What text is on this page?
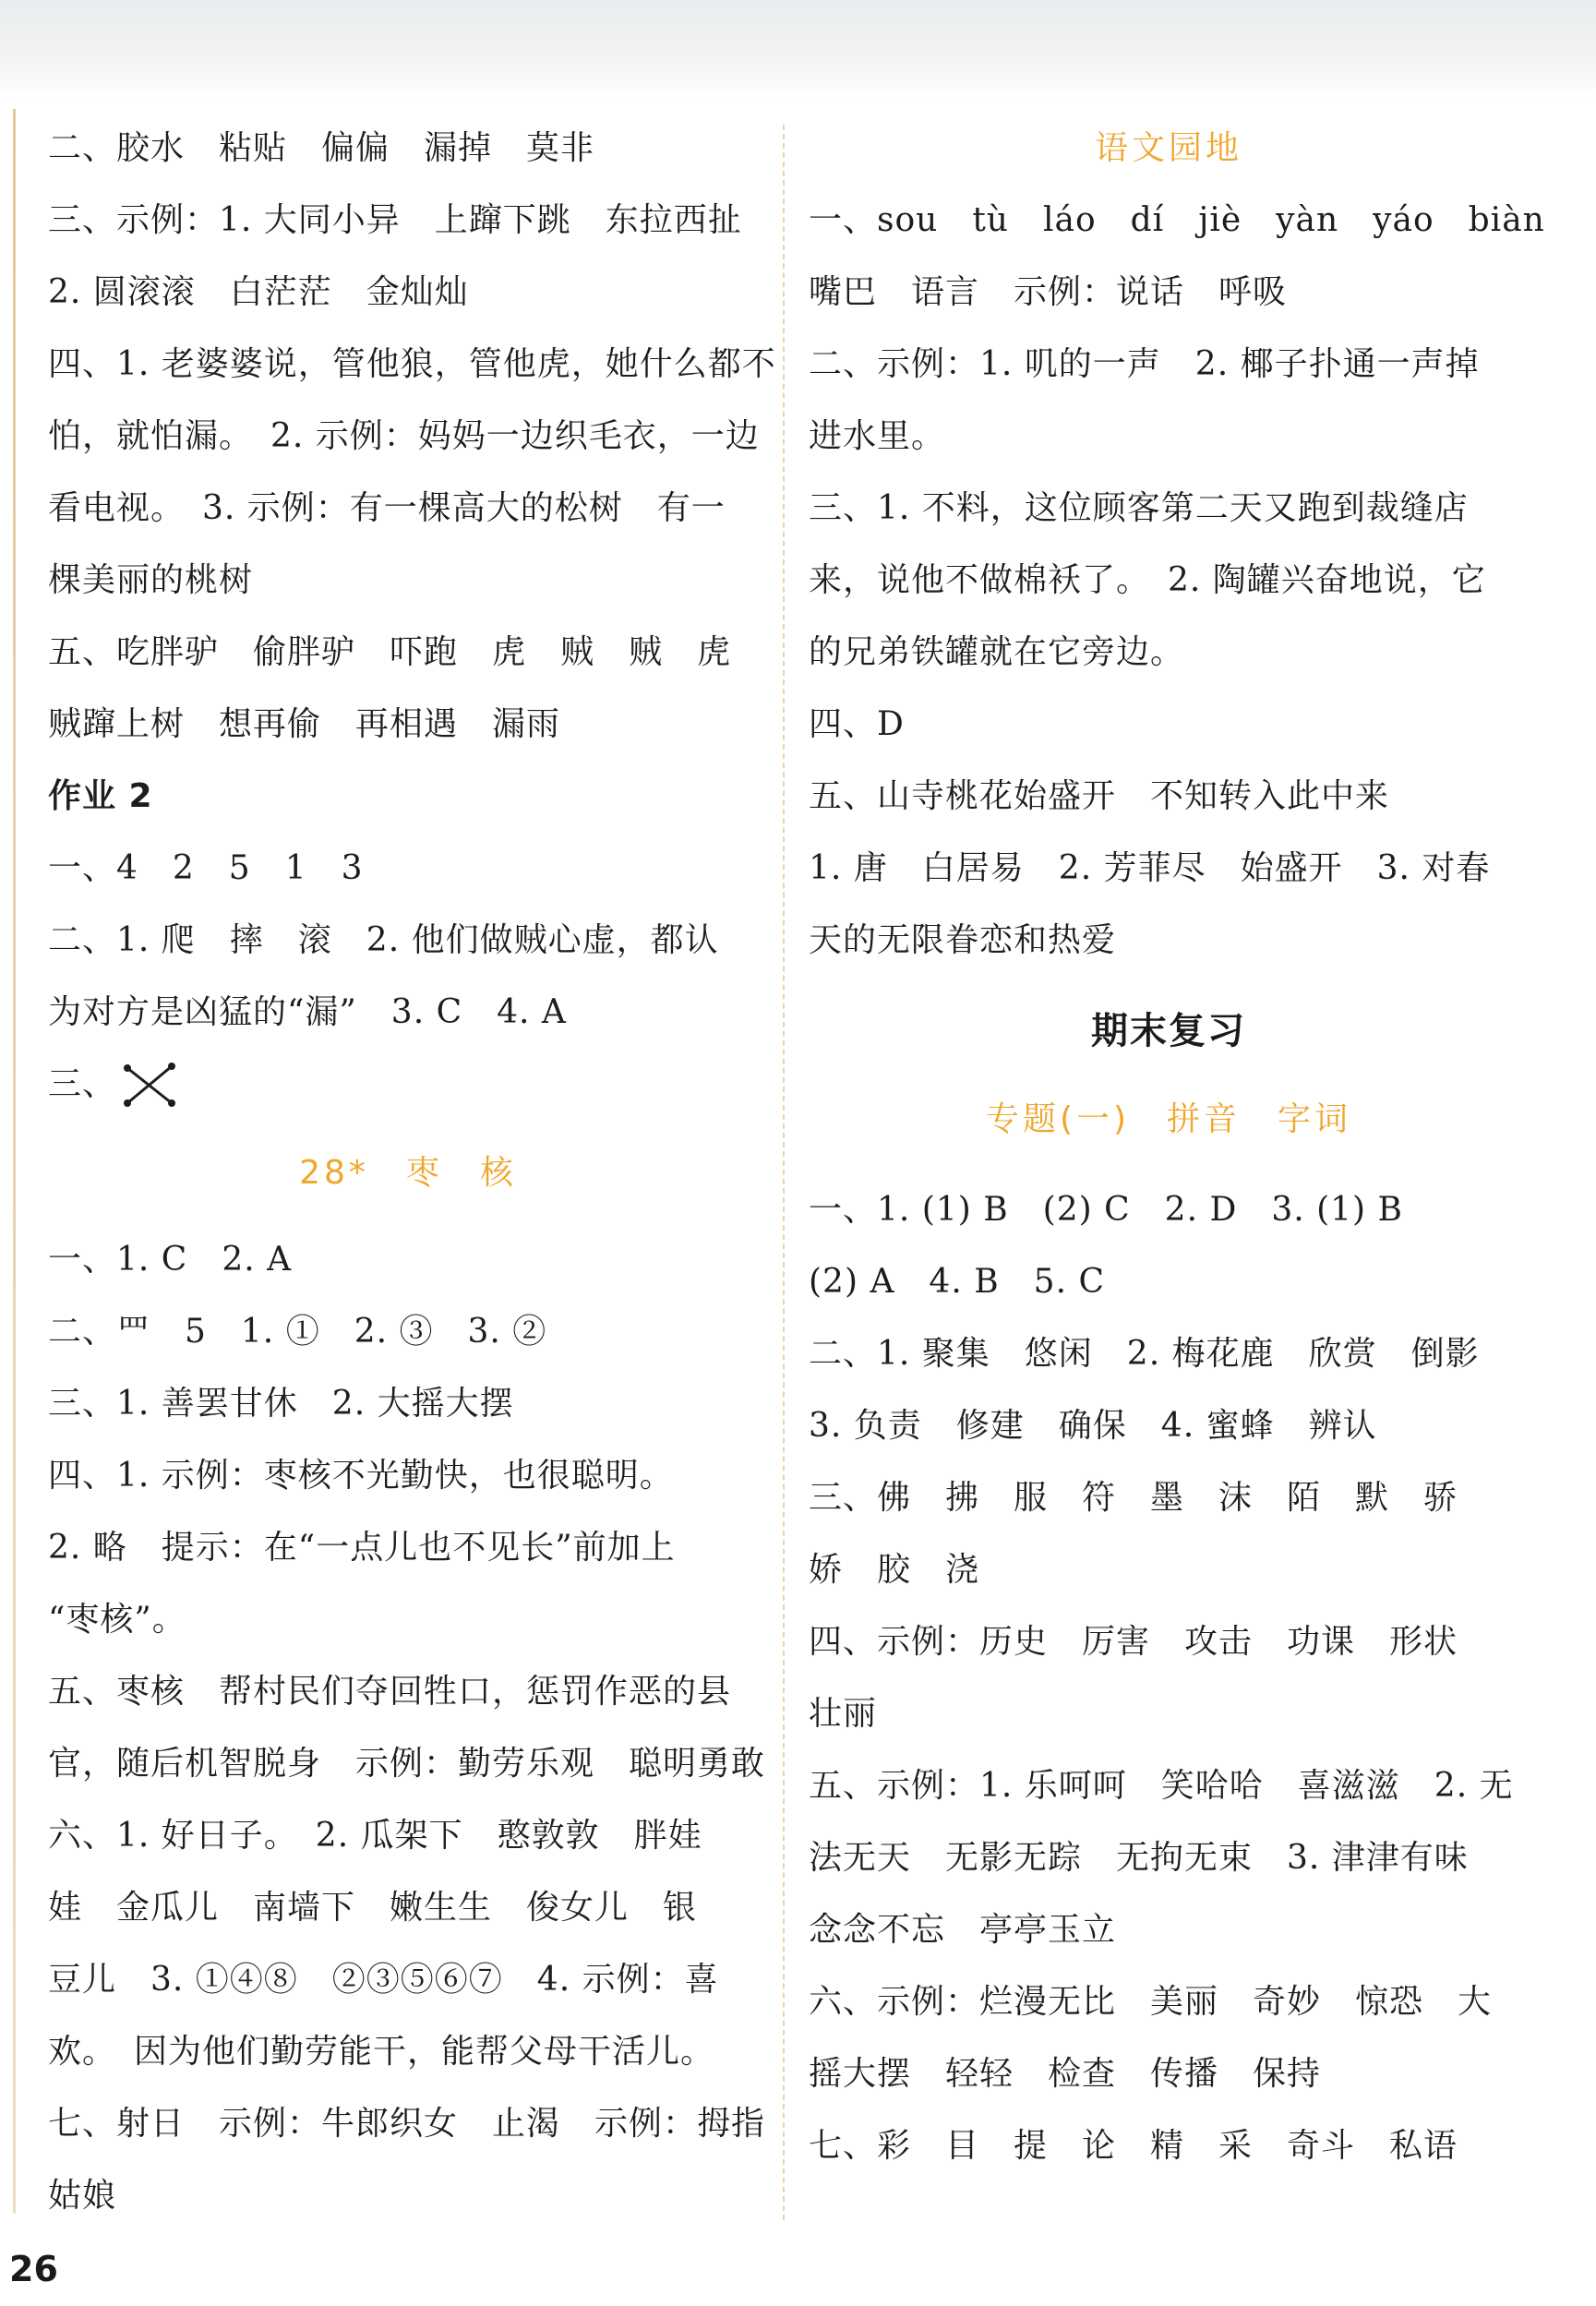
二、胶水　粘贴　偏偏　漏掉　莫非
三、示例：1. 大同小异　上蹿下跳　东拉西扯
2. 圆滚滚　白茫茫　金灿灿
四、1. 老婆婆说，管他狼，管他虎，她什么都不
怕，就怕漏。　2. 示例：妈妈一边织毛衣，一边
看电视。　3. 示例：有一棵高大的松树　有一
棵美丽的桃树
五、吃胖驴　偷胖驴　吓跑　虎　贼　贼　虎
贼蹿上树　想再偷　再相遇　漏雨
作业 2
一、4　2　5　1　3
二、1. 爬　摔　滚　2. 他们做贼心虚，都认
为对方是凶猛的“漏”　3. C　4. A
三、
28*　枣　核
一、1. C　2. A
二、罒　5　1. ①　2. ③　3. ②
三、1. 善罢甘休　2. 大摇大摆
四、1. 示例：枣核不光勤快，也很聪明。
2. 略　提示：在“一点儿也不见长”前加上
“枣核”。
五、枣核　帮村民们夺回牲口，惩罚作恶的县
官，随后机智脱身　示例：勤劳乐观　聪明勇敢
六、1. 好日子。　2. 瓜架下　憨敦敦　胖娃
娃　金瓜儿　南墙下　嫩生生　俊女儿　银
豆儿　3. ①④⑧　②③⑤⑥⑦　4. 示例：喜
欢。　因为他们勤劳能干，能帮父母干活儿。
七、射日　示例：牛郎织女　止渴　示例：拇指
姑娘
语文园地
一、sou　tù　láo　dí　jiè　yàn　yáo　biàn
嘴巴　语言　示例：说话　呼吸
二、示例：1. 叽的一声　2. 椰子扑通一声掉
进水里。
三、1. 不料，这位顾客第二天又跑到裁缝店
来，说他不做棉袄了。　2. 陶罐兴奋地说，它
的兄弟铁罐就在它旁边。
四、D
五、山寺桃花始盛开　不知转入此中来
1. 唐　白居易　2. 芳菲尽　始盛开　3. 对春
天的无限眷恋和热爱
期末复习
专题(一)　拼音　字词
一、1. (1) B　(2) C　2. D　3. (1) B
(2) A　4. B　5. C
二、1. 聚集　悠闲　2. 梅花鹿　欣赏　倒影
3. 负责　修建　确保　4. 蜜蜂　辨认
三、佛　拂　服　符　墨　沫　陌　默　骄
娇　胶　浇
四、示例：历史　厉害　攻击　功课　形状
壮丽
五、示例：1. 乐呵呵　笑哈哈　喜滋滋　2. 无
法无天　无影无踪　无拘无束　3. 津津有味
念念不忘　亭亭玉立
六、示例：烂漫无比　美丽　奇妙　惊恐　大
摇大摆　轻轻　检查　传播　保持
七、彩　目　提　论　精　采　奇斗　私语
26
